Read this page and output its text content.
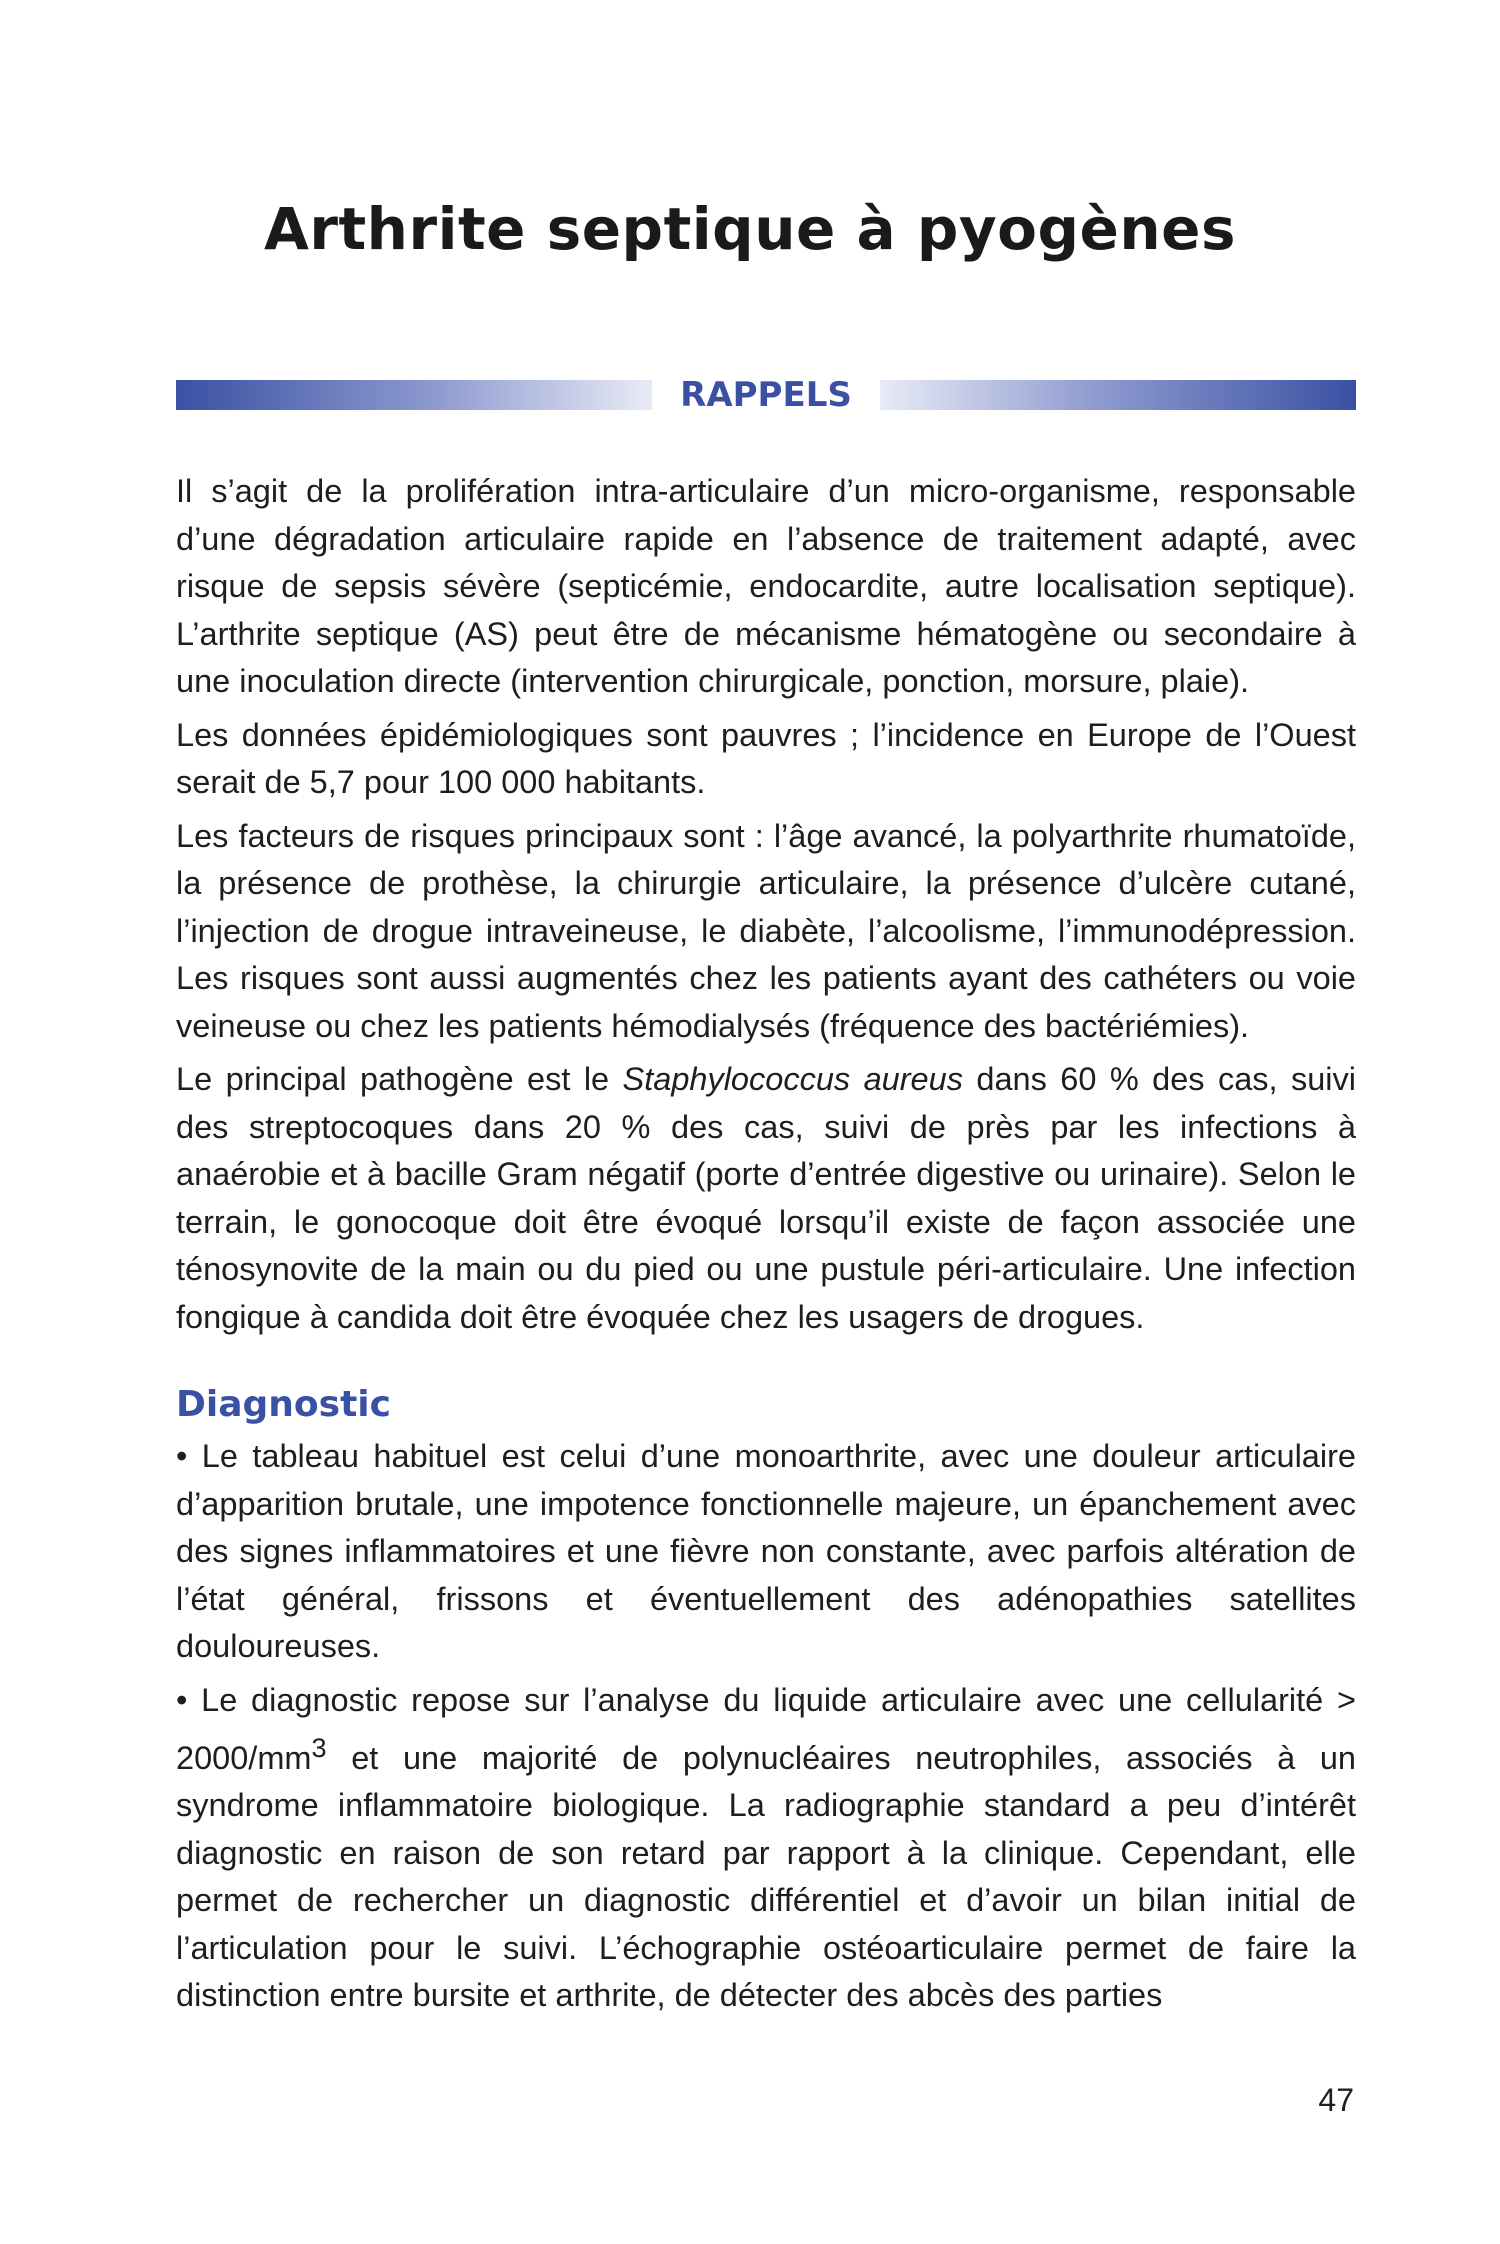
Arthrite septique à pyogènes
RAPPELS

Il s’agit de la prolifération intra-articulaire d’un micro-organisme, responsable d’une dégradation articulaire rapide en l’absence de traitement adapté, avec risque de sepsis sévère (septicémie, endocardite, autre localisation septique). L’arthrite septique (AS) peut être de mécanisme hématogène ou secondaire à une inoculation directe (intervention chirurgicale, ponction, morsure, plaie).

Les données épidémiologiques sont pauvres ; l’incidence en Europe de l’Ouest serait de 5,7 pour 100 000 habitants.

Les facteurs de risques principaux sont : l’âge avancé, la polyarthrite rhumatoïde, la présence de prothèse, la chirurgie articulaire, la présence d’ulcère cutané, l’injection de drogue intraveineuse, le diabète, l’alcoolisme, l’immunodépression. Les risques sont aussi augmentés chez les patients ayant des cathéters ou voie veineuse ou chez les patients hémodialysés (fréquence des bactériémies).

Le principal pathogène est le Staphylococcus aureus dans 60 % des cas, suivi des streptocoques dans 20 % des cas, suivi de près par les infections à anaérobie et à bacille Gram négatif (porte d’entrée digestive ou urinaire). Selon le terrain, le gonocoque doit être évoqué lorsqu’il existe de façon associée une ténosynovite de la main ou du pied ou une pustule péri-articulaire. Une infection fongique à candida doit être évoquée chez les usagers de drogues.

Diagnostic

• Le tableau habituel est celui d’une monoarthrite, avec une douleur articulaire d’apparition brutale, une impotence fonctionnelle majeure, un épanchement avec des signes inflammatoires et une fièvre non constante, avec parfois altération de l’état général, frissons et éventuellement des adénopathies satellites douloureuses.

• Le diagnostic repose sur l’analyse du liquide articulaire avec une cellularité > $2000/mm^3$ et une majorité de polynucléaires neutrophiles, associés à un syndrome inflammatoire biologique. La radiographie standard a peu d’intérêt diagnostic en raison de son retard par rapport à la clinique. Cependant, elle permet de rechercher un diagnostic différentiel et d’avoir un bilan initial de l’articulation pour le suivi. L’échographie ostéoarticulaire permet de faire la distinction entre bursite et arthrite, de détecter des abcès des parties

47
